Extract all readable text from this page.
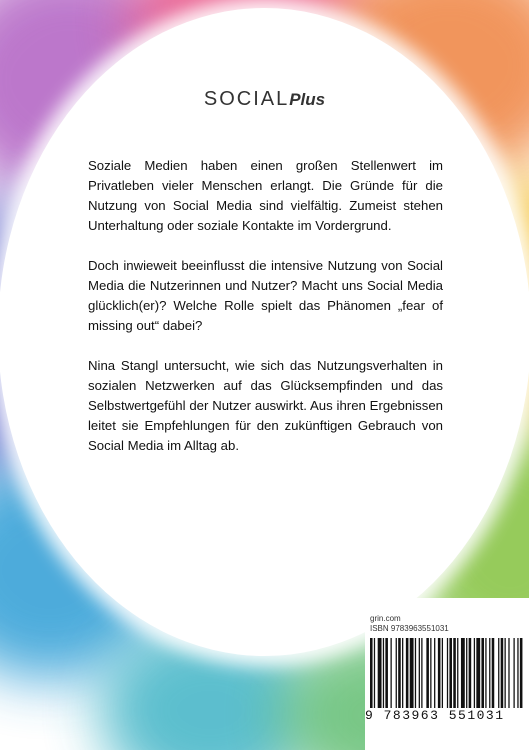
SOCIALPlus

Soziale Medien haben einen großen Stellenwert im Privatleben vieler Menschen erlangt. Die Gründe für die Nutzung von Social Media sind vielfältig. Zumeist stehen Unterhaltung oder soziale Kontakte im Vordergrund.

Doch inwieweit beeinflusst die intensive Nutzung von Social Media die Nutzerinnen und Nutzer? Macht uns Social Media glücklich(er)? Welche Rolle spielt das Phänomen „fear of missing out“ dabei?

Nina Stangl untersucht, wie sich das Nutzungsverhalten in sozialen Netzwerken auf das Glücksempfinden und das Selbstwertgefühl der Nutzer auswirkt. Aus ihren Ergebnissen leitet sie Empfehlungen für den zukünftigen Gebrauch von Social Media im Alltag ab.

grin.com
ISBN 9783963551031
9 783963 551031
